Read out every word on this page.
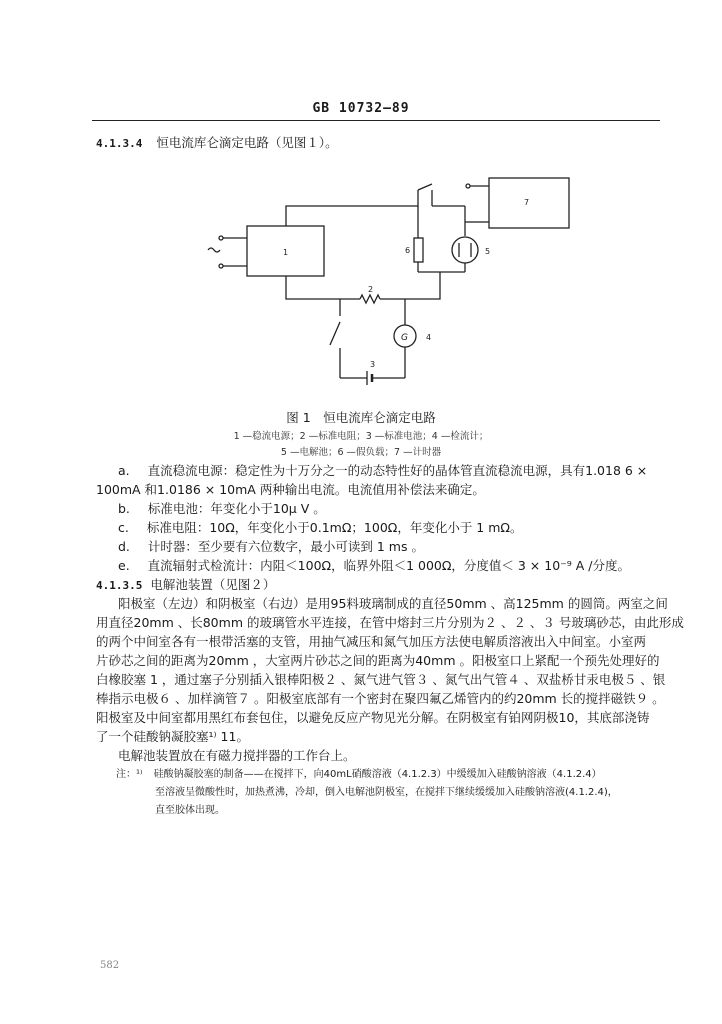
GB 10732—89
4.1.3.4 恒电流库仑滴定电路（见图１）。
1
2
3
4
5
6
7
G
图 1　恒电流库仑滴定电路
1 —稳流电源；2 —标准电阻；3 —标准电池；4 —检流计；
5 —电解池；6 —假负载；7 —计时器
a. 直流稳流电源：稳定性为十万分之一的动态特性好的晶体管直流稳流电源，具有1.018 6 ×
100mA 和1.0186 × 10mA 两种输出电流。电流值用补偿法来确定。
b. 标准电池：年变化小于10μ V 。
c. 标准电阻：10Ω，年变化小于0.1mΩ；100Ω，年变化小于 1 mΩ。
d. 计时器：至少要有六位数字，最小可读到 1 ms 。
e. 直流辐射式检流计：内阻＜100Ω，临界外阻＜1 000Ω，分度值＜ 3 × 10⁻⁹ A /分度。
4.1.3.5 电解池装置（见图２）
阳极室（左边）和阴极室（右边）是用95料玻璃制成的直径50mm 、高125mm 的圆筒。两室之间
用直径20mm 、长80mm 的玻璃管水平连接，在管中熔封三片分别为２ 、２ 、３ 号玻璃砂芯，由此形成
的两个中间室各有一根带活塞的支管，用抽气减压和氮气加压方法使电解质溶液出入中间室。小室两
片砂芯之间的距离为20mm ，大室两片砂芯之间的距离为40mm 。阳极室口上紧配一个预先处理好的
白橡胶塞 1 ，通过塞子分别插入银棒阳极２ 、氮气进气管３ 、氮气出气管４ 、双盐桥甘汞电极５ 、银
棒指示电极６ 、加样滴管７ 。阳极室底部有一个密封在聚四氟乙烯管内的约20mm 长的搅拌磁铁９ 。
阳极室及中间室都用黑红布套包住，以避免反应产物见光分解。在阴极室有铂网阴极10，其底部浇铸
了一个硅酸钠凝胶塞¹⁾ 11。
电解池装置放在有磁力搅拌器的工作台上。
注：¹⁾ 硅酸钠凝胶塞的制备——在搅拌下，向40mL硝酸溶液（4.1.2.3）中缓缓加入硅酸钠溶液（4.1.2.4）
至溶液呈微酸性时，加热煮沸，冷却，倒入电解池阴极室，在搅拌下继续缓缓加入硅酸钠溶液(4.1.2.4)，
直至胶体出现。
582
